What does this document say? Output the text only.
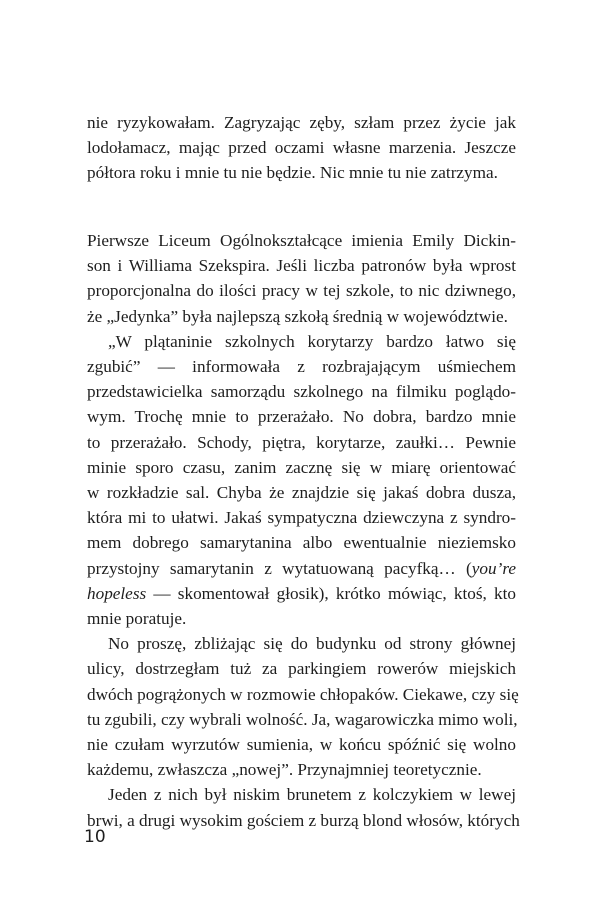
nie ryzykowałam. Zagryzając zęby, szłam przez życie jak
lodołamacz, mając przed oczami własne marzenia. Jeszcze
półtora roku i mnie tu nie będzie. Nic mnie tu nie zatrzyma.

Pierwsze Liceum Ogólnokształcące imienia Emily Dickin-
son i Williama Szekspira. Jeśli liczba patronów była wprost
proporcjonalna do ilości pracy w tej szkole, to nic dziwnego,
że „Jedynka” była najlepszą szkołą średnią w województwie.

„W plątaninie szkolnych korytarzy bardzo łatwo się
zgubić” — informowała z rozbrajającym uśmiechem
przedstawicielka samorządu szkolnego na filmiku poglądo-
wym. Trochę mnie to przerażało. No dobra, bardzo mnie
to przerażało. Schody, piętra, korytarze, zaułki… Pewnie
minie sporo czasu, zanim zacznę się w miarę orientować
w rozkładzie sal. Chyba że znajdzie się jakaś dobra dusza,
która mi to ułatwi. Jakaś sympatyczna dziewczyna z syndro-
mem dobrego samarytanina albo ewentualnie nieziemsko
przystojny samarytanin z wytatuowaną pacyfką… (you’re
hopeless — skomentował głosik), krótko mówiąc, ktoś, kto
mnie poratuje.

No proszę, zbliżając się do budynku od strony głównej
ulicy, dostrzegłam tuż za parkingiem rowerów miejskich
dwóch pogrążonych w rozmowie chłopaków. Ciekawe, czy się
tu zgubili, czy wybrali wolność. Ja, wagarowiczka mimo woli,
nie czułam wyrzutów sumienia, w końcu spóźnić się wolno
każdemu, zwłaszcza „nowej”. Przynajmniej teoretycznie.

Jeden z nich był niskim brunetem z kolczykiem w lewej
brwi, a drugi wysokim gościem z burzą blond włosów, których

10
